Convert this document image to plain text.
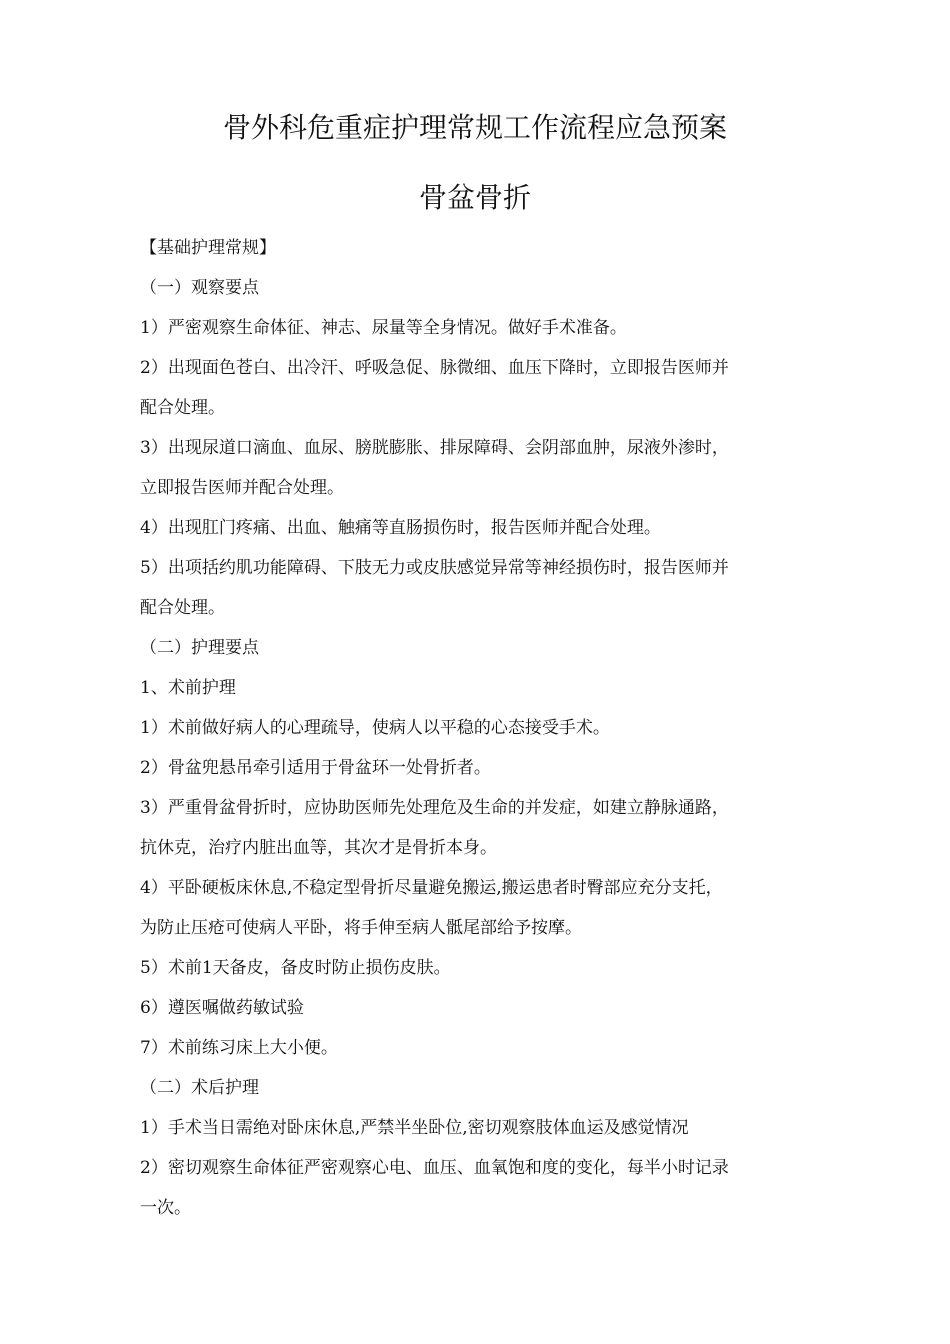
骨外科危重症护理常规工作流程应急预案
骨盆骨折
【基础护理常规】
（一）观察要点
1）严密观察生命体征、神志、尿量等全身情况。做好手术准备。
2）出现面色苍白、出冷汗、呼吸急促、脉微细、血压下降时，立即报告医师并
配合处理。
3）出现尿道口滴血、血尿、膀胱膨胀、排尿障碍、会阴部血肿，尿液外渗时，
立即报告医师并配合处理。
4）出现肛门疼痛、出血、触痛等直肠损伤时，报告医师并配合处理。
5）出项括约肌功能障碍、下肢无力或皮肤感觉异常等神经损伤时，报告医师并
配合处理。
（二）护理要点
1、术前护理
1）术前做好病人的心理疏导，使病人以平稳的心态接受手术。
2）骨盆兜悬吊牵引适用于骨盆环一处骨折者。
3）严重骨盆骨折时，应协助医师先处理危及生命的并发症，如建立静脉通路，
抗休克，治疗内脏出血等，其次才是骨折本身。
4）平卧硬板床休息,不稳定型骨折尽量避免搬运,搬运患者时臀部应充分支托，
为防止压疮可使病人平卧，将手伸至病人骶尾部给予按摩。
5）术前1天备皮，备皮时防止损伤皮肤。
6）遵医嘱做药敏试验
7）术前练习床上大小便。
（二）术后护理
1）手术当日需绝对卧床休息,严禁半坐卧位,密切观察肢体血运及感觉情况
2）密切观察生命体征严密观察心电、血压、血氧饱和度的变化，每半小时记录
一次。
